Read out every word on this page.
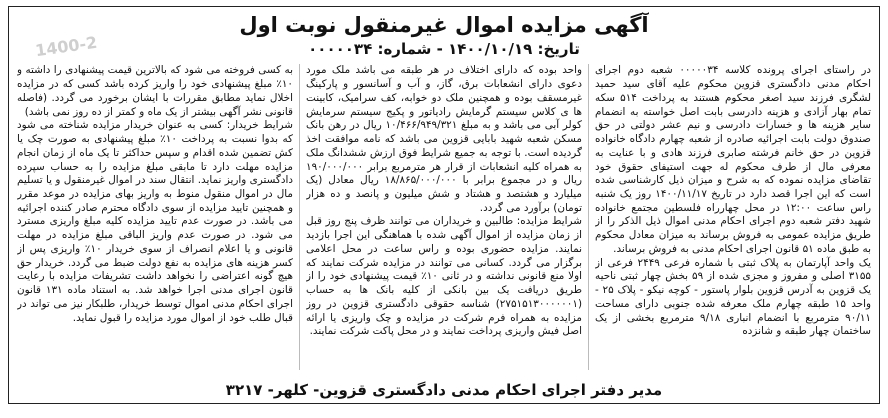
1400-2
آگهی مزایده اموال غیرمنقول نوبت اول
تاریخ: ۱۴۰۰/۱۰/۱۹ - شماره: ۰۰۰۰۰۳۴

در راستای اجرای پرونده کلاسه ۰۰۰۰۰۳۴ شعبه دوم اجرای احکام مدنی دادگستری قزوین محکوم علیه آقای سید حمید لشگری فرزند سید اصغر محکوم هستند به پرداخت ۵۱۴ سکه تمام بهار آزادی و هزینه دادرسی بابت اصل خواسته به انضمام سایر هزینه ها و خسارات دادرسی و نیم عشر دولتی در حق صندوق دولت بابت اجرائیه صادره از شعبه چهارم دادگاه خانواده قزوین در حق خانم فرشته صابری فرزند هادی و با عنایت به معرفی مال از طرف محکوم له جهت استیفای حقوق خود تقاضای مزایده نموده که به شرح و میزان ذیل کارشناسی شده است که این اجرا قصد دارد در تاریخ ۱۴۰۰/۱۱/۱۷ روز یک شنبه راس ساعت ۱۲:۰۰ در محل چهارراه فلسطین مجتمع خانواده شهید دفتر شعبه دوم اجرای احکام مدنی اموال ذیل الذکر را از طریق مزایده عمومی به فروش برساند به میزان معادل محکوم به طبق ماده ۵۱ قانون اجرای احکام مدنی به فروش برساند.

یک واحد آپارتمان به پلاک ثبتی با شماره فرعی ۲۴۴۹ فرعی از ۳۱۵۵ اصلی و مفروز و مجزی شده از ۵۹ بخش چهار ثبتی ناحیه یک قزوین به آدرس قزوین بلوار پاستور - کوچه نیکو - پلاک ۲۵ - واحد ۱۵ طبقه چهارم ملک معرفه شده جنوبی دارای مساحت ۹۰/۱۱ مترمربع با انضمام انباری ۹/۱۸ مترمربع بخشی از یک ساختمان چهار طبقه و شانزده

واحد بوده که دارای اختلاف در هر طبقه می باشد ملک مورد دعوی دارای انشعابات برق، گاز، و آب و آسانسور و پارکینگ غیرمسقف بوده و همچنین ملک دو خوابه، کف سرامیک، کابینت ها ی کلاس سیستم گرمایش رادیاتور و پکیج سیستم سرمایش کولر آبی می باشد و به مبلغ ۱۰/۴۶۶/۹۴۹/۳۲۱ ریال در رهن بانک مسکن شعبه شهید بابایی قزوین می باشد که نامه موافقت اخذ گردیده است. با توجه به جمیع شرایط فوق ارزش ششدانگ ملک به همراه کلیه انشعابات از قرار هر مترمربع برابر ۱۹۰/۰۰۰/۰۰۰ ریال و در مجموع برابر با ۱۸/۸۶۵/۰۰۰/۰۰۰ ریال معادل (یک میلیارد و هشتصد و هشتاد و شش میلیون و پانصد و ده هزار تومان) برآورد می گردد.

شرایط مزایده: طالبین و خریداران می توانند ظرف پنج روز قبل از زمان مزایده از اموال آگهی شده با هماهنگی این اجرا بازدید نمایند. مزایده حضوری بوده و راس ساعت در محل اعلامی برگزار می گردد. کسانی می توانند در مزایده شرکت نمایند که اولا منع قانونی نداشته و در ثانی ۱۰٪ قیمت پیشنهادی خود را از طریق دریافت یک بین بانکی از کلیه بانک ها به حساب (۲۷۵۱۵۱۳۰۰۰۰۰۰۱) شناسه حقوقی دادگستری قزوین در روز مزایده به همراه فرم شرکت در مزایده و چک واریزی یا ارائه اصل فیش واریزی پرداخت نمایند و در محل پاکت شرکت نمایند.

به کسی فروخته می شود که بالاترین قیمت پیشنهادی را داشته و ۱۰٪ مبلغ پیشنهادی خود را واریز کرده باشد کسی که در مزایده اخلال نماید مطابق مقررات با ایشان برخورد می گردد. (فاصله قانونی نشر آگهی بیشتر از یک ماه و کمتر از ده روز نمی باشد)

شرایط خریدار: کسی به عنوان خریدار مزایده شناخته می شود که بدوا نسبت به پرداخت ۱۰٪ مبلغ پیشنهادی به صورت چک یا کش تضمین شده اقدام و سپس حداکثر تا یک ماه از زمان انجام مزایده مهلت دارد تا مابقی مبلغ مزایده را به حساب سپرده دادگستری واریز نماید. انتقال سند در اموال غیرمنقول و یا تسلیم مال در اموال منقول منوط به واریز بهای مزایده در موعد مقرر و همچنین تایید مزایده از سوی دادگاه محترم صادر کننده اجرائیه می باشد. در صورت عدم تایید مزایده کلیه مبلغ واریزی مسترد می شود. در صورت عدم واریز الباقی مبلغ مزایده در مهلت قانونی و یا اعلام انصراف از سوی خریدار ۱۰٪ واریزی پس از کسر هزینه های مزایده به نفع دولت ضبط می گردد. خریدار حق هیچ گونه اعتراضی را نخواهد داشت تشریفات مزایده با رعایت قانون اجرای مدنی اجرا خواهد شد. به استناد ماده ۱۳۱ قانون اجرای احکام مدنی اموال توسط خریدار، طلبکار نیز می تواند در قبال طلب خود از اموال مورد مزایده را قبول نماید.

مدیر دفتر اجرای احکام مدنی دادگستری قزوین- کلهر- ۳۲۱۷
